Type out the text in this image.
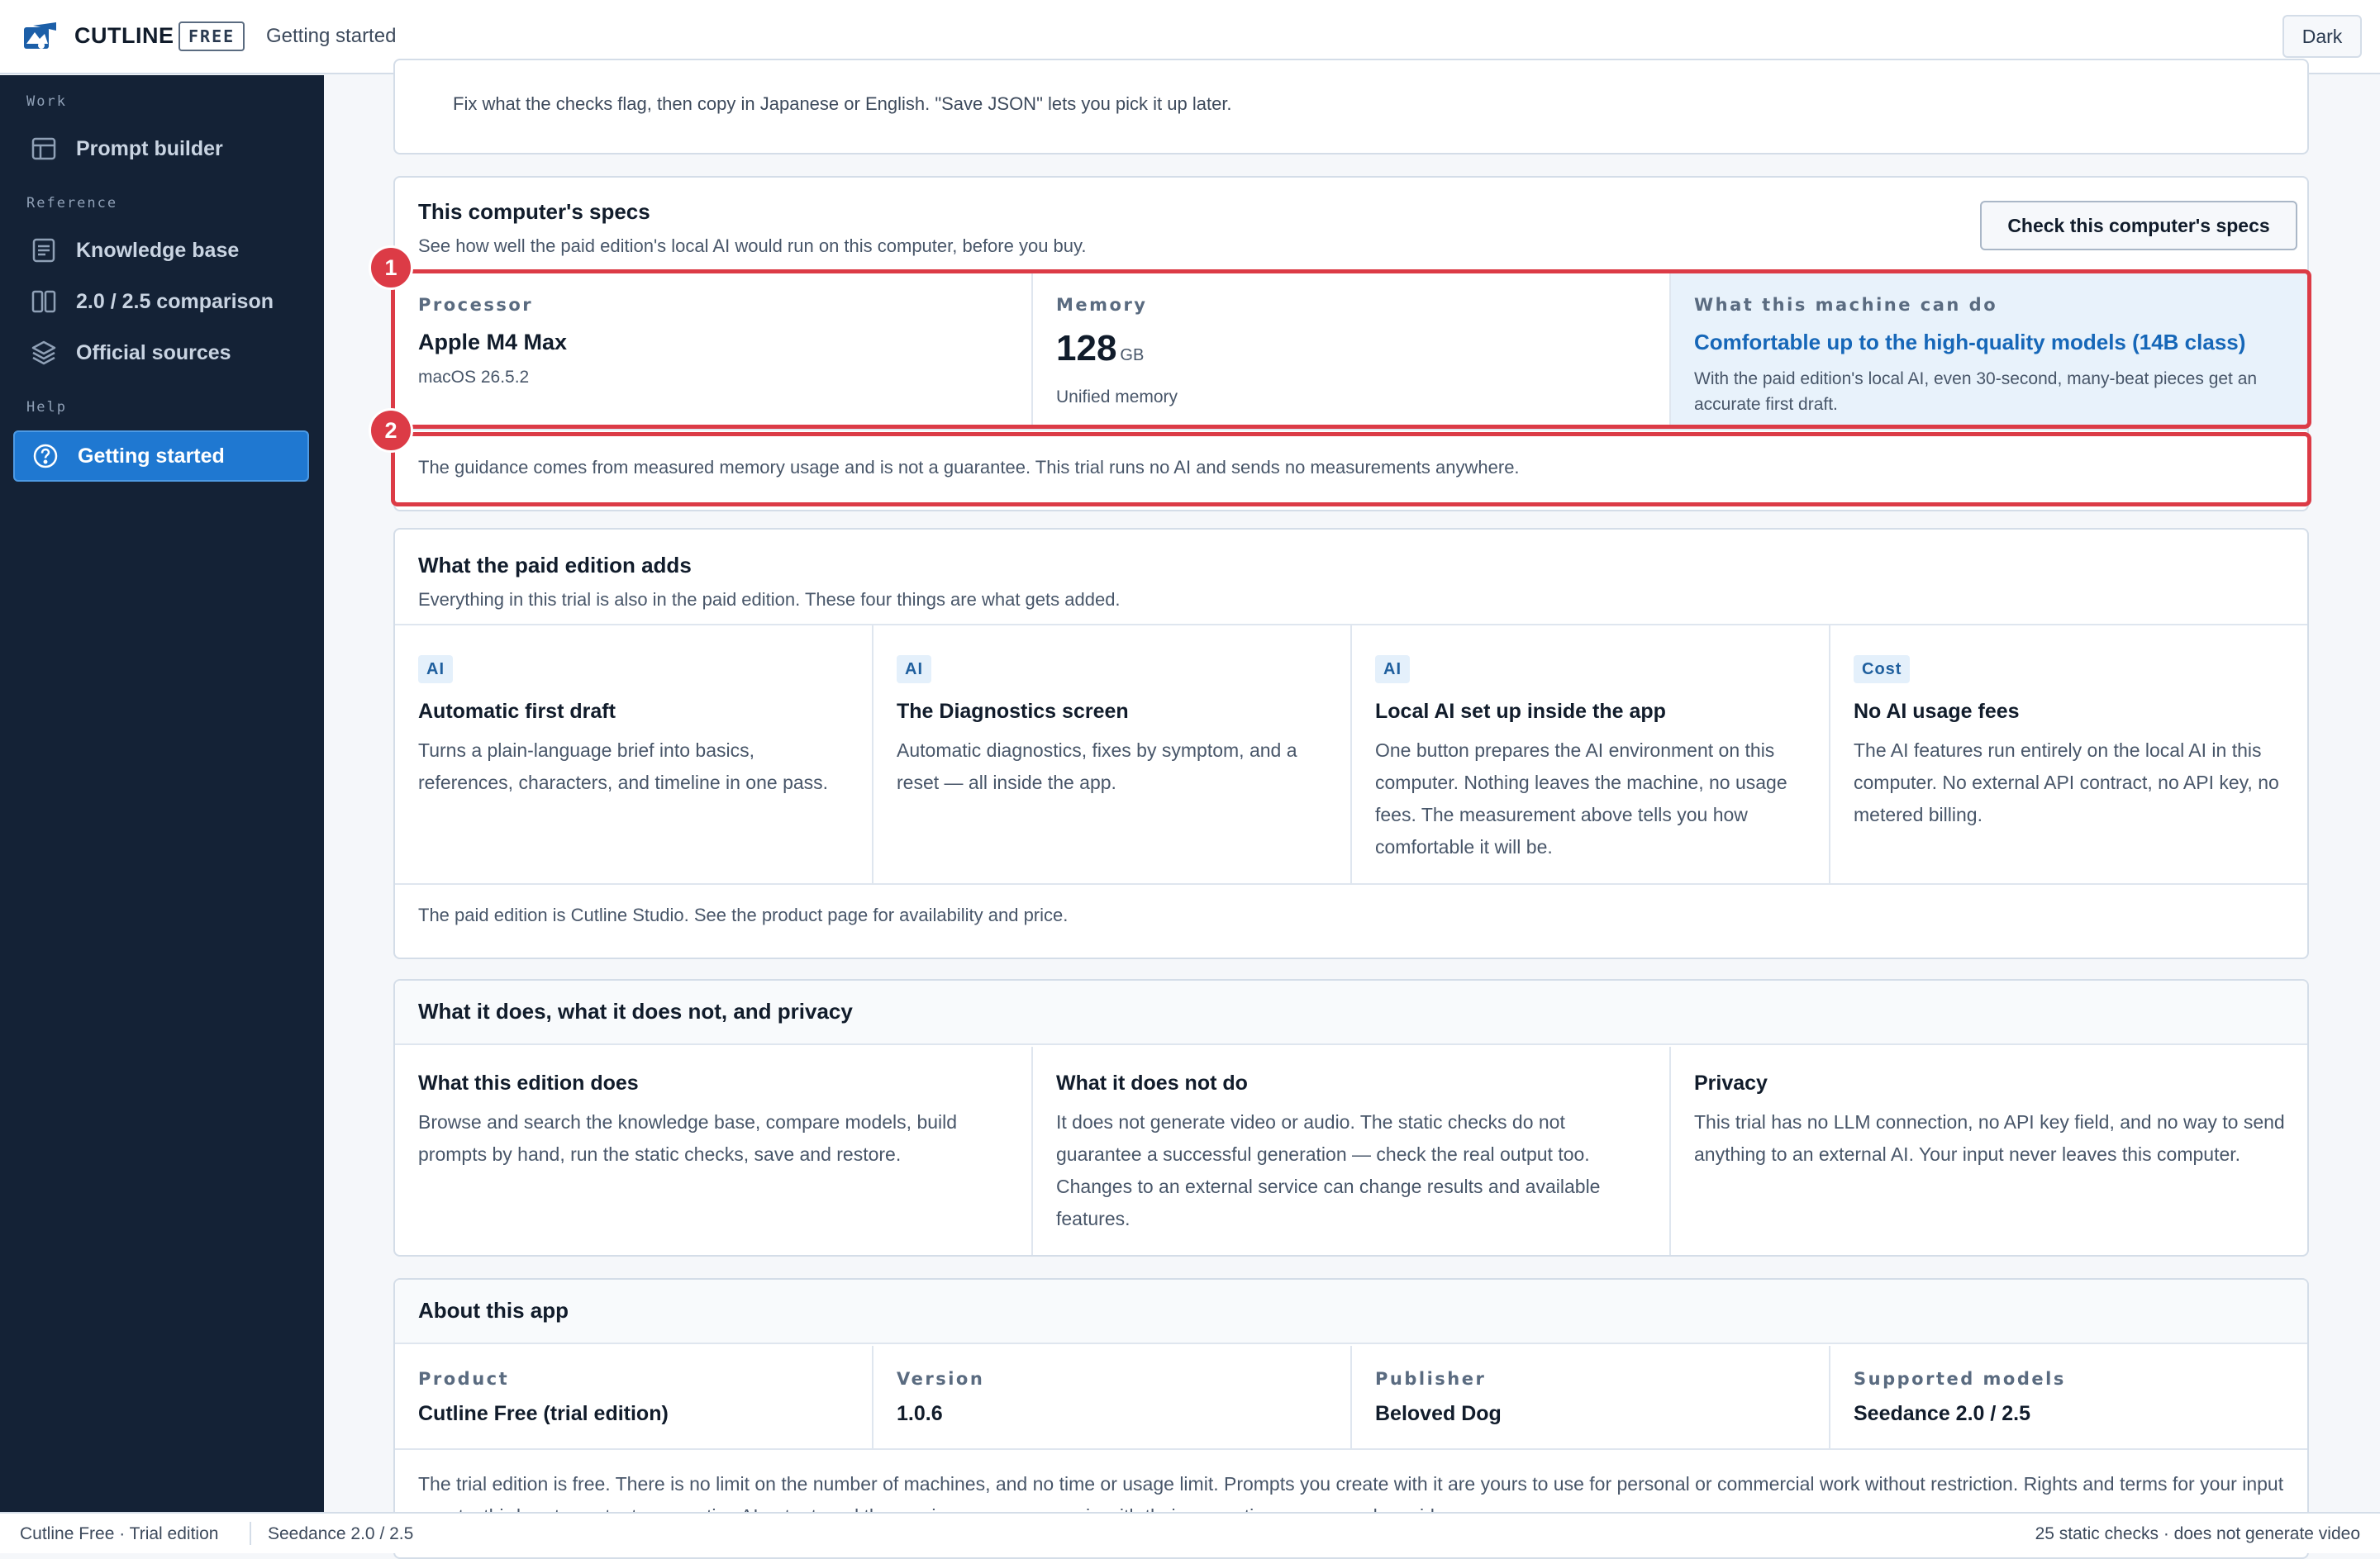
CUTLINE FREE	Getting started	Dark
Work
Prompt builder
Reference
Knowledge base
2.0 / 2.5 comparison
Official sources
Help
Getting started
Fix what the checks flag, then copy in Japanese or English. "Save JSON" lets you pick it up later.
This computer's specs
See how well the paid edition's local AI would run on this computer, before you buy.
Check this computer's specs
Processor
Apple M4 Max
macOS 26.5.2
Memory
128 GB
Unified memory
What this machine can do
Comfortable up to the high-quality models (14B class)
With the paid edition's local AI, even 30-second, many-beat pieces get an accurate first draft.
The guidance comes from measured memory usage and is not a guarantee. This trial runs no AI and sends no measurements anywhere.
1
2
What the paid edition adds
Everything in this trial is also in the paid edition. These four things are what gets added.
AI
Automatic first draft
Turns a plain-language brief into basics, references, characters, and timeline in one pass.
AI
The Diagnostics screen
Automatic diagnostics, fixes by symptom, and a reset — all inside the app.
AI
Local AI set up inside the app
One button prepares the AI environment on this computer. Nothing leaves the machine, no usage fees. The measurement above tells you how comfortable it will be.
Cost
No AI usage fees
The AI features run entirely on the local AI in this computer. No external API contract, no API key, no metered billing.
The paid edition is Cutline Studio. See the product page for availability and price.
What it does, what it does not, and privacy
What this edition does
Browse and search the knowledge base, compare models, build prompts by hand, run the static checks, save and restore.
What it does not do
It does not generate video or audio. The static checks do not guarantee a successful generation — check the real output too. Changes to an external service can change results and available features.
Privacy
This trial has no LLM connection, no API key field, and no way to send anything to an external AI. Your input never leaves this computer.
About this app
Product
Cutline Free (trial edition)
Version
1.0.6
Publisher
Beloved Dog
Supported models
Seedance 2.0 / 2.5
The trial edition is free. There is no limit on the number of machines, and no time or usage limit. Prompts you create with it are yours to use for personal or commercial work without restriction. Rights and terms for your input
Cutline Free · Trial edition	Seedance 2.0 / 2.5	25 static checks · does not generate video
